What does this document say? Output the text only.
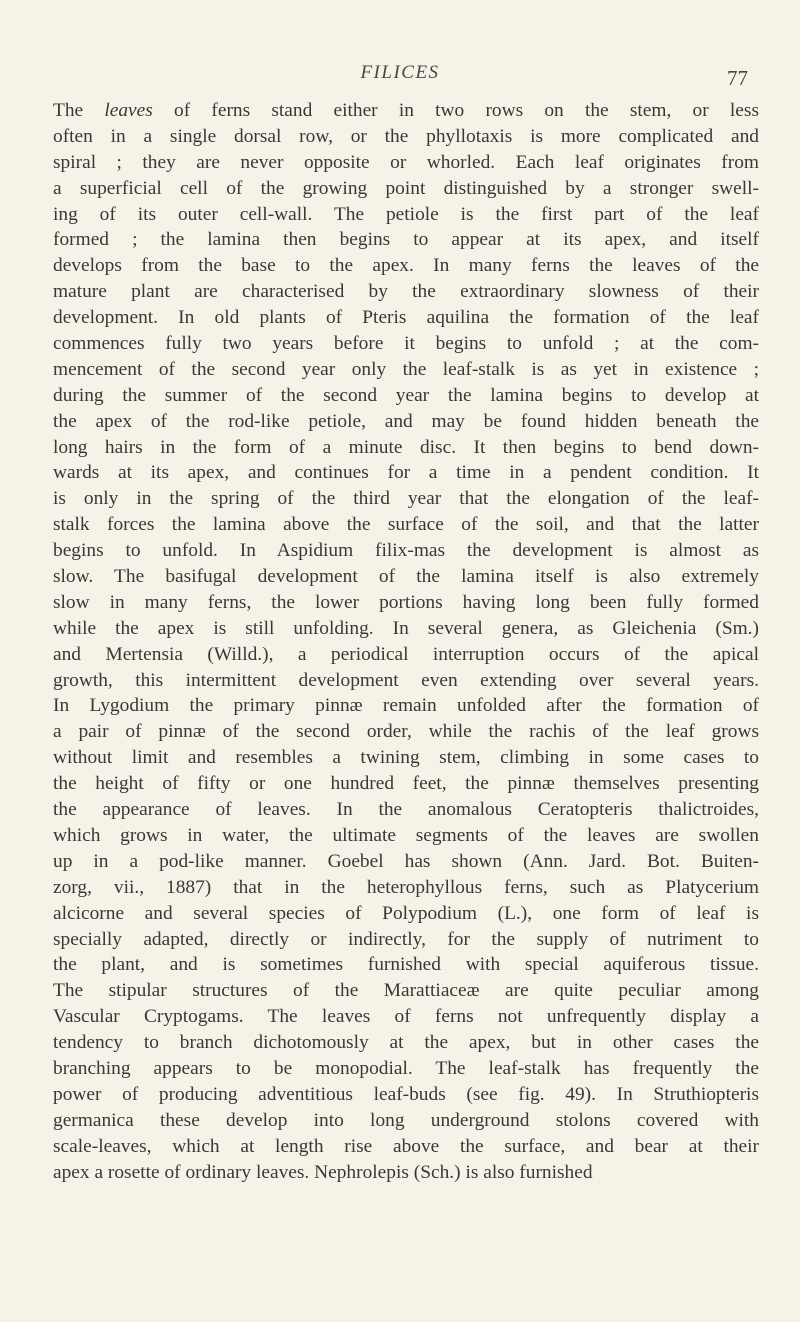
FILICES	77
The leaves of ferns stand either in two rows on the stem, or less
often in a single dorsal row, or the phyllotaxis is more complicated and
spiral ; they are never opposite or whorled. Each leaf originates from
a superficial cell of the growing point distinguished by a stronger swell-
ing of its outer cell-wall. The petiole is the first part of the leaf
formed ; the lamina then begins to appear at its apex, and itself
develops from the base to the apex. In many ferns the leaves of the
mature plant are characterised by the extraordinary slowness of their
development. In old plants of Pteris aquilina the formation of the leaf
commences fully two years before it begins to unfold ; at the com-
mencement of the second year only the leaf-stalk is as yet in existence ;
during the summer of the second year the lamina begins to develop at
the apex of the rod-like petiole, and may be found hidden beneath the
long hairs in the form of a minute disc. It then begins to bend down-
wards at its apex, and continues for a time in a pendent condition. It
is only in the spring of the third year that the elongation of the leaf-
stalk forces the lamina above the surface of the soil, and that the latter
begins to unfold. In Aspidium filix-mas the development is almost as
slow. The basifugal development of the lamina itself is also extremely
slow in many ferns, the lower portions having long been fully formed
while the apex is still unfolding. In several genera, as Gleichenia (Sm.)
and Mertensia (Willd.), a periodical interruption occurs of the apical
growth, this intermittent development even extending over several years.
In Lygodium the primary pinnæ remain unfolded after the formation of
a pair of pinnæ of the second order, while the rachis of the leaf grows
without limit and resembles a twining stem, climbing in some cases to
the height of fifty or one hundred feet, the pinnæ themselves presenting
the appearance of leaves. In the anomalous Ceratopteris thalictroides,
which grows in water, the ultimate segments of the leaves are swollen
up in a pod-like manner. Goebel has shown (Ann. Jard. Bot. Buiten-
zorg, vii., 1887) that in the heterophyllous ferns, such as Platycerium
alcicorne and several species of Polypodium (L.), one form of leaf is
specially adapted, directly or indirectly, for the supply of nutriment to
the plant, and is sometimes furnished with special aquiferous tissue.
The stipular structures of the Marattiaceæ are quite peculiar among
Vascular Cryptogams. The leaves of ferns not unfrequently display a
tendency to branch dichotomously at the apex, but in other cases the
branching appears to be monopodial. The leaf-stalk has frequently the
power of producing adventitious leaf-buds (see fig. 49). In Struthiopteris
germanica these develop into long underground stolons covered with
scale-leaves, which at length rise above the surface, and bear at their
apex a rosette of ordinary leaves. Nephrolepis (Sch.) is also furnished
